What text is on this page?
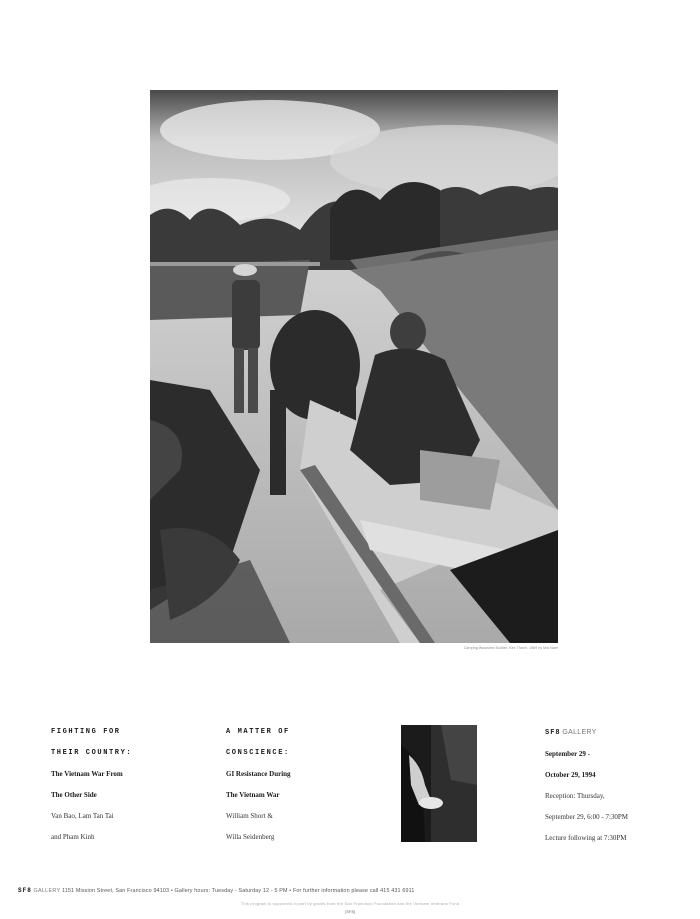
Carrying Wounded Soldier, Kim Thanh, 1969 by Mai Nam
FIGHTING FOR
THEIR COUNTRY:
The Vietnam War From
The Other Side
Van Bao, Lam Tan Tai
and Pham Kinh
A MATTER OF
CONSCIENCE:
GI Resistance During
The Vietnam War
William Short &
Willa Seidenberg
SF8 GALLERY
September 29 -
October 29, 1994
Reception: Thursday,
September 29, 6:00 - 7:30PM
Lecture following at 7:30PM
SF8 GALLERY 1151 Mission Street, San Francisco 94103 • Gallery hours: Tuesday - Saturday 12 - 5 PM • For further information please call 415 431 6911
This program is supported in part by grants from the San Francisco Foundation and the Vietnam Veterans Fund
[SF8]
